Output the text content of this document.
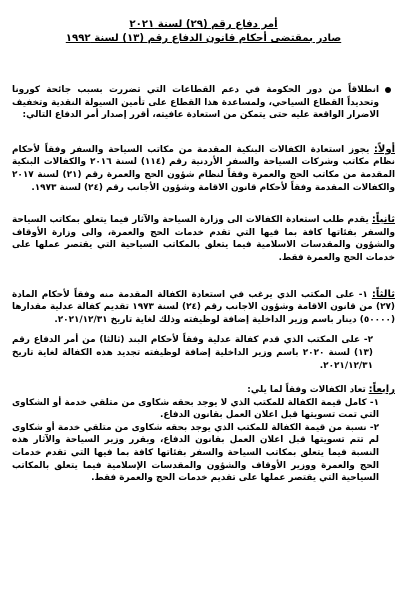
أمر دفاع رقم (٢٩) لسنة ٢٠٢١
صادر بمقتضى أحكام قانون الدفاع رقم (١٣) لسنة ١٩٩٢
انطلاقاً من دور الحكومة في دعم القطاعات التي تضررت بسبب جائحة كورونا وتحديداً القطاع السياحي، ولمساعدة هذا القطاع على تأمين السيولة النقدية وتخفيف الاضرار الواقعة عليه حتى يتمكن من استعادة عافيته، أقرر إصدار أمر الدفاع التالي:

أولاً: يجوز استعادة الكفالات البنكية المقدمة من مكاتب السياحة والسفر وفقاً لأحكام نظام مكاتب وشركات السياحة والسفر الأردنية رقم (١١٤) لسنة ٢٠١٦ والكفالات البنكية المقدمة من مكاتب الحج والعمرة وفقاً لنظام شؤون الحج والعمرة رقم (٢١) لسنة ٢٠١٧ والكفالات المقدمة وفقاً لأحكام قانون الاقامة وشؤون الأجانب رقم (٢٤) لسنة ١٩٧٣.

ثانياً: يقدم طلب استعادة الكفالات الى وزارة السياحة والآثار فيما يتعلق بمكاتب السياحة والسفر بفئاتها كافة بما فيها التي تقدم خدمات الحج والعمرة، والى وزارة الأوقاف والشؤون والمقدسات الاسلامية فيما يتعلق بالمكاتب السياحية التي يقتصر عملها على خدمات الحج والعمرة فقط.

ثالثاً: ١- على المكتب الذي يرغب في استعادة الكفالة المقدمة منه وفقاً لأحكام المادة (٢٧) من قانون الاقامة وشؤون الاجانب رقم (٢٤) لسنة ١٩٧٣ تقديم كفالة عدلية مقدارها (٥٠٠٠٠) دينار باسم وزير الداخلية إضافة لوظيفته وذلك لغاية تاريخ ٢٠٢١/١٢/٣١.

٢- على المكتب الذي قدم كفالة عدلية وفقاً لأحكام البند (ثالثا) من أمر الدفاع رقم (١٣) لسنة ٢٠٢٠ باسم وزير الداخلية إضافة لوظيفته تجديد هذه الكفالة لغاية تاريخ ٢٠٢١/١٢/٣١.

رابعاً: تعاد الكفالات وفقاً لما يلي:

١- كامل قيمة الكفالة للمكتب الذي لا يوجد بحقه شكاوى من متلقي خدمة أو الشكاوى التي تمت تسويتها قبل اعلان العمل بقانون الدفاع.
٢- نسبة من قيمة الكفالة للمكتب الذي يوجد بحقه شكاوى من متلقي خدمة أو شكاوى لم تتم تسويتها قبل اعلان العمل بقانون الدفاع، ويقرر وزير السياحة والآثار هذه النسبة فيما يتعلق بمكاتب السياحة والسفر بفئاتها كافة بما فيها التي تقدم خدمات الحج والعمرة ووزير الأوقاف والشؤون والمقدسات الإسلامية فيما يتعلق بالمكاتب السياحية التي يقتصر عملها على تقديم خدمات الحج والعمرة فقط.
